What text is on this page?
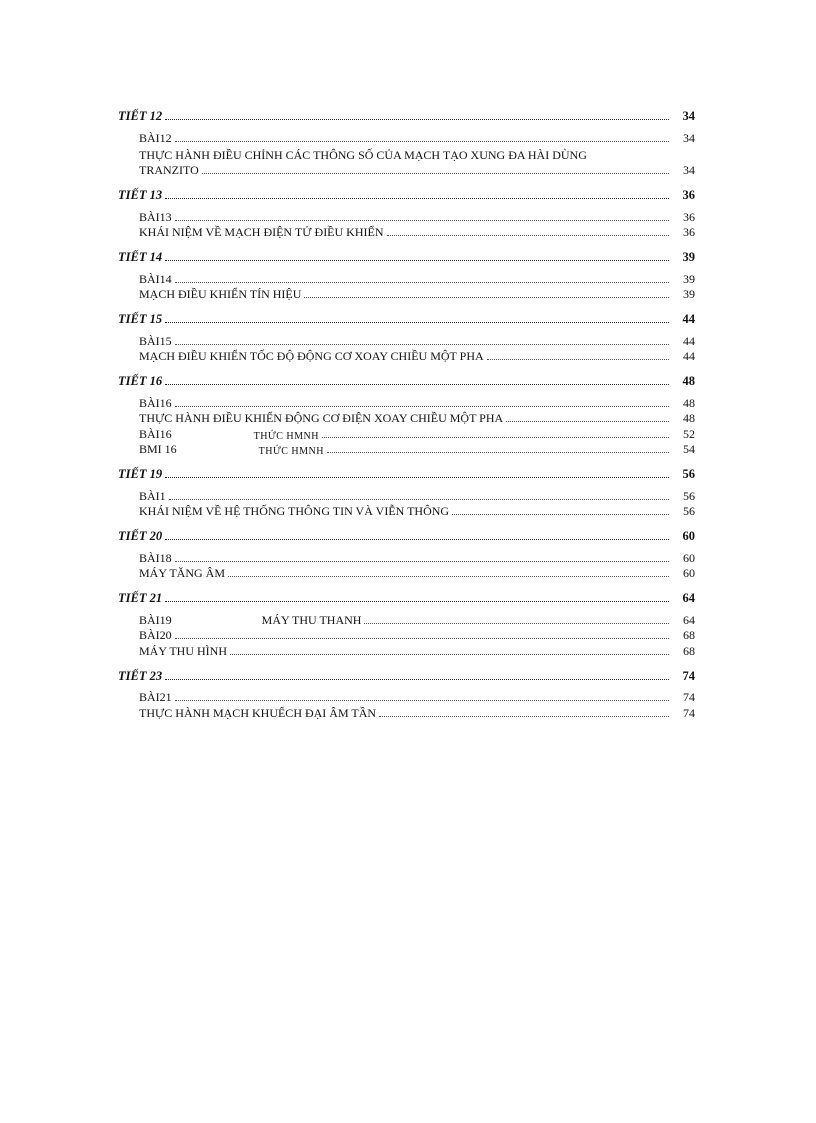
TIẾT 12	34
BÀI12	34
THỰC HÀNH ĐIỀU CHỈNH CÁC THÔNG SỐ CỦA MẠCH TẠO XUNG ĐA HÀI DÙNG
TRANZITO	34
TIẾT 13	36
BÀI13	36
KHÁI NIỆM VỀ MẠCH ĐIỆN TỬ ĐIỀU KHIỂN	36
TIẾT 14	39
BÀI14	39
MẠCH ĐIỀU KHIỂN TÍN HIỆU	39
TIẾT 15	44
BÀI15	44
MẠCH ĐIỀU KHIỂN TỐC ĐỘ ĐỘNG CƠ XOAY CHIỀU MỘT PHA	44
TIẾT 16	48
BÀI16	48
THỰC HÀNH ĐIỀU KHIỂN ĐỘNG CƠ ĐIỆN XOAY CHIỀU MỘT PHA	48
BÀI16	THỨC HMNH	52
BMI 16	THỨC HMNH	54
TIẾT 19	56
BÀI1	56
KHÁI NIỆM VỀ HỆ THỐNG THÔNG TIN VÀ VIỄN THÔNG	56
TIẾT 20	60
BÀI18	60
MÁY TĂNG ÂM	60
TIẾT 21	64
BÀI19	MÁY THU THANH	64
BÀI20	68
MÁY THU HÌNH	68
TIẾT 23	74
BÀI21	74
THỰC HÀNH MẠCH KHUẾCH ĐẠI ÂM TẦN	74
